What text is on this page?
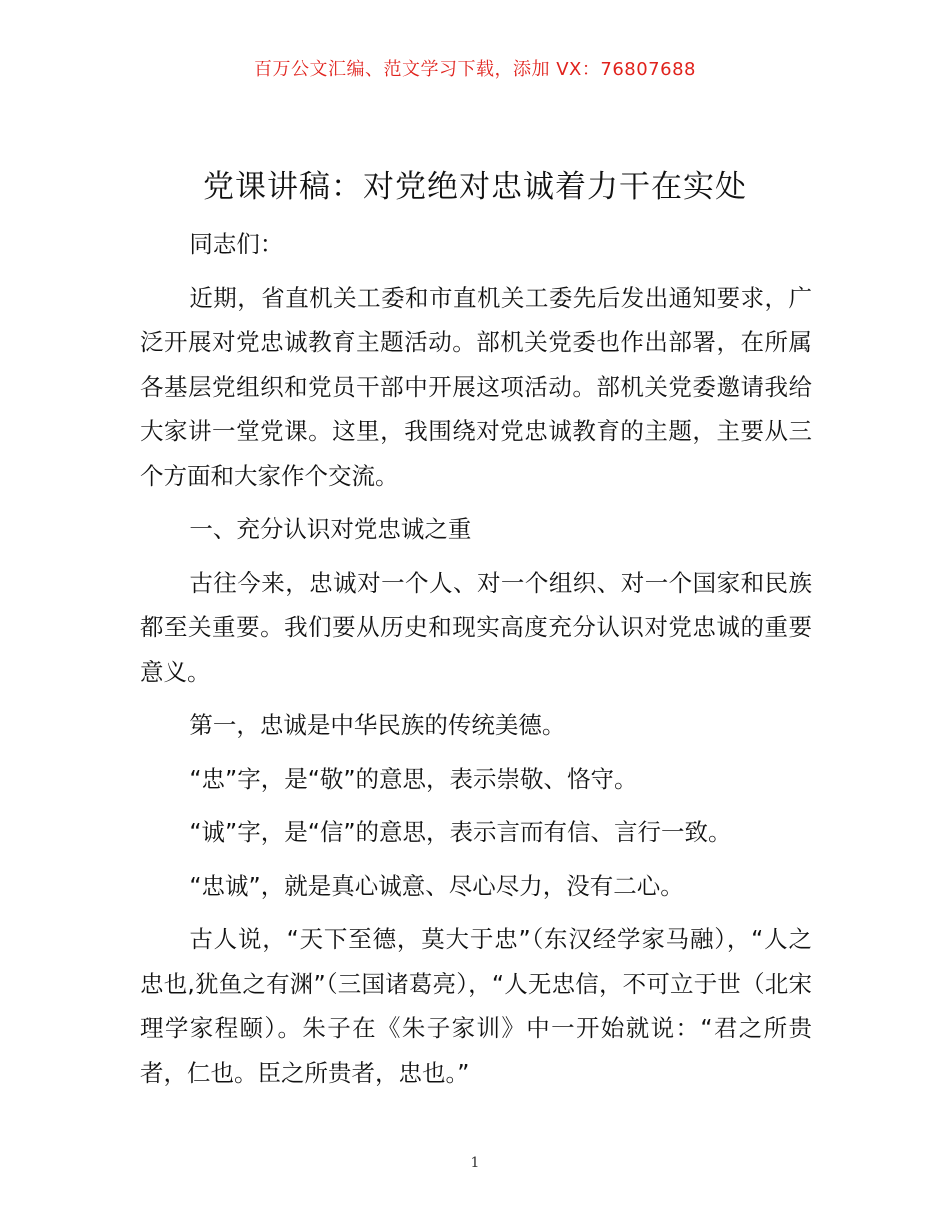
百万公文汇编、范文学习下载，添加 VX：76807688
党课讲稿：对党绝对忠诚着力干在实处

同志们：

近期，省直机关工委和市直机关工委先后发出通知要求，广泛开展对党忠诚教育主题活动。部机关党委也作出部署，在所属各基层党组织和党员干部中开展这项活动。部机关党委邀请我给大家讲一堂党课。这里，我围绕对党忠诚教育的主题，主要从三个方面和大家作个交流。

一、充分认识对党忠诚之重

古往今来，忠诚对一个人、对一个组织、对一个国家和民族都至关重要。我们要从历史和现实高度充分认识对党忠诚的重要意义。

第一，忠诚是中华民族的传统美德。

“忠”字，是“敬”的意思，表示崇敬、恪守。

“诚”字，是“信”的意思，表示言而有信、言行一致。

“忠诚”，就是真心诚意、尽心尽力，没有二心。

古人说，“天下至德，莫大于忠”（东汉经学家马融），“人之忠也,犹鱼之有渊”（三国诸葛亮），“人无忠信，不可立于世（北宋理学家程颐）。朱子在《朱子家训》中一开始就说：“君之所贵者，仁也。臣之所贵者，忠也。”

1
